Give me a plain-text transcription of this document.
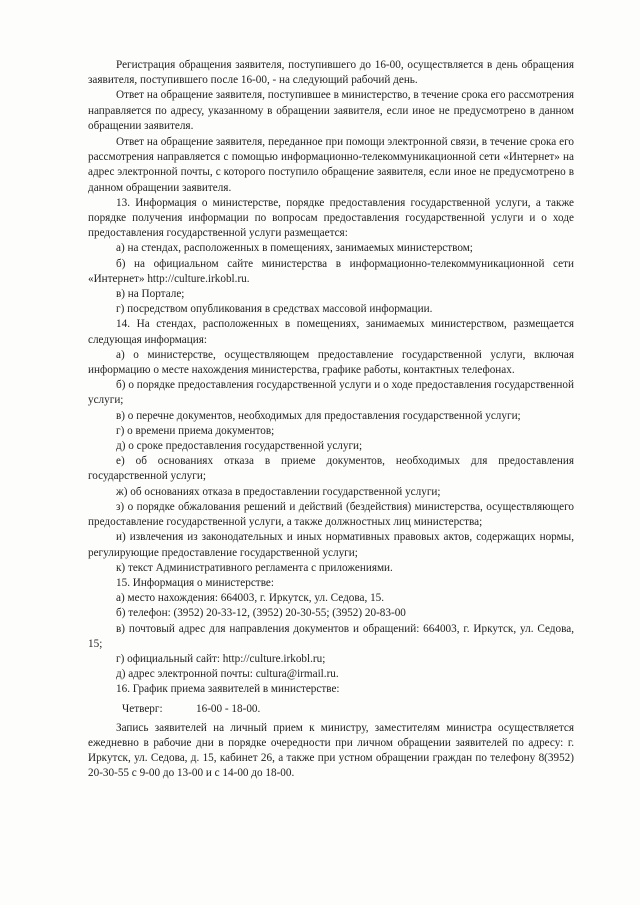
Регистрация обращения заявителя, поступившего до 16-00, осуществляется в день обращения заявителя, поступившего после 16-00, - на следующий рабочий день.

Ответ на обращение заявителя, поступившее в министерство, в течение срока его рассмотрения направляется по адресу, указанному в обращении заявителя, если иное не предусмотрено в данном обращении заявителя.

Ответ на обращение заявителя, переданное при помощи электронной связи, в течение срока его рассмотрения направляется с помощью информационно-телекоммуникационной сети «Интернет» на адрес электронной почты, с которого поступило обращение заявителя, если иное не предусмотрено в данном обращении заявителя.

13. Информация о министерстве, порядке предоставления государственной услуги, а также порядке получения информации по вопросам предоставления государственной услуги и о ходе предоставления государственной услуги размещается:

а) на стендах, расположенных в помещениях, занимаемых министерством;

б) на официальном сайте министерства в информационно-телекоммуникационной сети «Интернет» http://culture.irkobl.ru.

в) на Портале;

г) посредством опубликования в средствах массовой информации.

14. На стендах, расположенных в помещениях, занимаемых министерством, размещается следующая информация:

а) о министерстве, осуществляющем предоставление государственной услуги, включая информацию о месте нахождения министерства, графике работы, контактных телефонах.

б) о порядке предоставления государственной услуги и о ходе предоставления государственной услуги;

в) о перечне документов, необходимых для предоставления государственной услуги;

г) о времени приема документов;

д) о сроке предоставления государственной услуги;

е) об основаниях отказа в приеме документов, необходимых для предоставления государственной услуги;

ж) об основаниях отказа в предоставлении государственной услуги;

з) о порядке обжалования решений и действий (бездействия) министерства, осуществляющего предоставление государственной услуги, а также должностных лиц министерства;

и) извлечения из законодательных и иных нормативных правовых актов, содержащих нормы, регулирующие предоставление государственной услуги;

к) текст Административного регламента с приложениями.

15. Информация о министерстве:

а) место нахождения: 664003, г. Иркутск, ул. Седова, 15.

б) телефон: (3952) 20-33-12, (3952) 20-30-55; (3952) 20-83-00

в) почтовый адрес для направления документов и обращений: 664003, г. Иркутск, ул. Седова, 15;

г) официальный сайт: http://culture.irkobl.ru;

д) адрес электронной почты: cultura@irmail.ru.

16. График приема заявителей в министерстве:

Четверг:	16-00 - 18-00.

Запись заявителей на личный прием к министру, заместителям министра осуществляется ежедневно в рабочие дни в порядке очередности при личном обращении заявителей по адресу: г. Иркутск, ул. Седова, д. 15, кабинет 26, а также при устном обращении граждан по телефону 8(3952) 20-30-55 с 9-00 до 13-00 и с 14-00 до 18-00.
